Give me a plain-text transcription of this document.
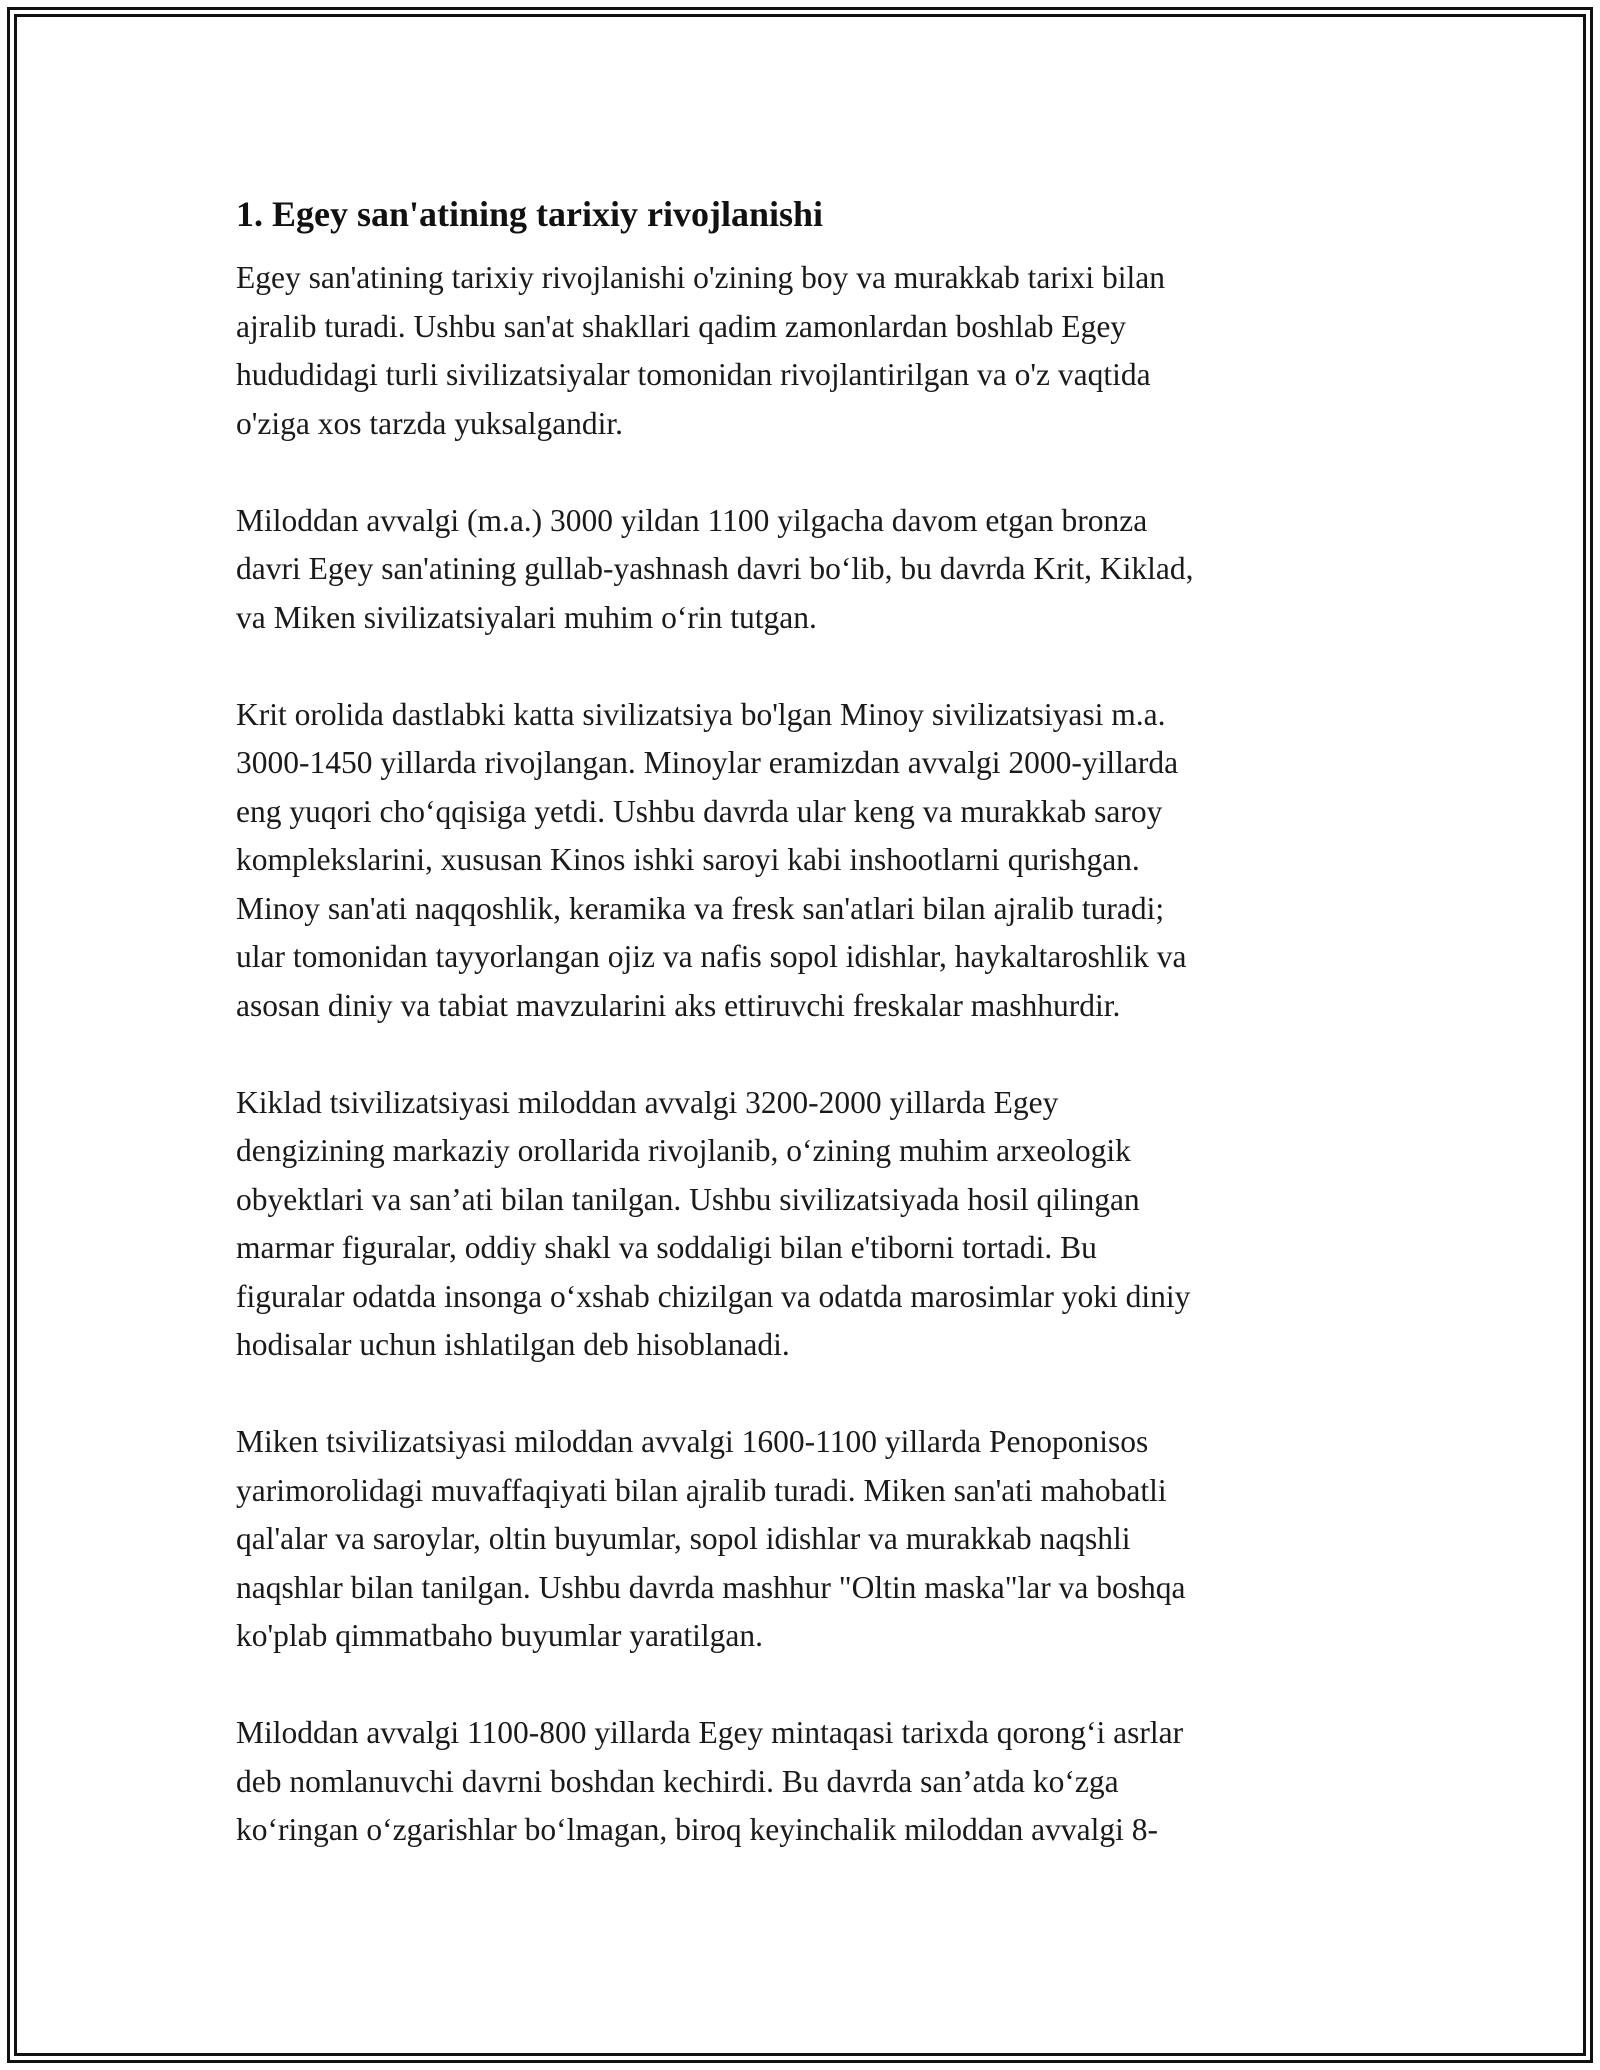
1. Egey san'atining tarixiy rivojlanishi

Egey san'atining tarixiy rivojlanishi o'zining boy va murakkab tarixi bilan
ajralib turadi. Ushbu san'at shakllari qadim zamonlardan boshlab Egey
hududidagi turli sivilizatsiyalar tomonidan rivojlantirilgan va o'z vaqtida
o'ziga xos tarzda yuksalgandir.

Miloddan avvalgi (m.a.) 3000 yildan 1100 yilgacha davom etgan bronza
davri Egey san'atining gullab-yashnash davri bo‘lib, bu davrda Krit, Kiklad,
va Miken sivilizatsiyalari muhim o‘rin tutgan.

Krit orolida dastlabki katta sivilizatsiya bo'lgan Minoy sivilizatsiyasi m.a.
3000-1450 yillarda rivojlangan. Minoylar eramizdan avvalgi 2000-yillarda
eng yuqori cho‘qqisiga yetdi. Ushbu davrda ular keng va murakkab saroy
komplekslarini, xususan Kinos ishki saroyi kabi inshootlarni qurishgan.
Minoy san'ati naqqoshlik, keramika va fresk san'atlari bilan ajralib turadi;
ular tomonidan tayyorlangan ojiz va nafis sopol idishlar, haykaltaroshlik va
asosan diniy va tabiat mavzularini aks ettiruvchi freskalar mashhurdir.

Kiklad tsivilizatsiyasi miloddan avvalgi 3200-2000 yillarda Egey
dengizining markaziy orollarida rivojlanib, o‘zining muhim arxeologik
obyektlari va san’ati bilan tanilgan. Ushbu sivilizatsiyada hosil qilingan
marmar figuralar, oddiy shakl va soddaligi bilan e'tiborni tortadi. Bu
figuralar odatda insonga o‘xshab chizilgan va odatda marosimlar yoki diniy
hodisalar uchun ishlatilgan deb hisoblanadi.

Miken tsivilizatsiyasi miloddan avvalgi 1600-1100 yillarda Penoponisos
yarimorolidagi muvaffaqiyati bilan ajralib turadi. Miken san'ati mahobatli
qal'alar va saroylar, oltin buyumlar, sopol idishlar va murakkab naqshli
naqshlar bilan tanilgan. Ushbu davrda mashhur "Oltin maska"lar va boshqa
ko'plab qimmatbaho buyumlar yaratilgan.

Miloddan avvalgi 1100-800 yillarda Egey mintaqasi tarixda qorong‘i asrlar
deb nomlanuvchi davrni boshdan kechirdi. Bu davrda san’atda ko‘zga
ko‘ringan o‘zgarishlar bo‘lmagan, biroq keyinchalik miloddan avvalgi 8-
